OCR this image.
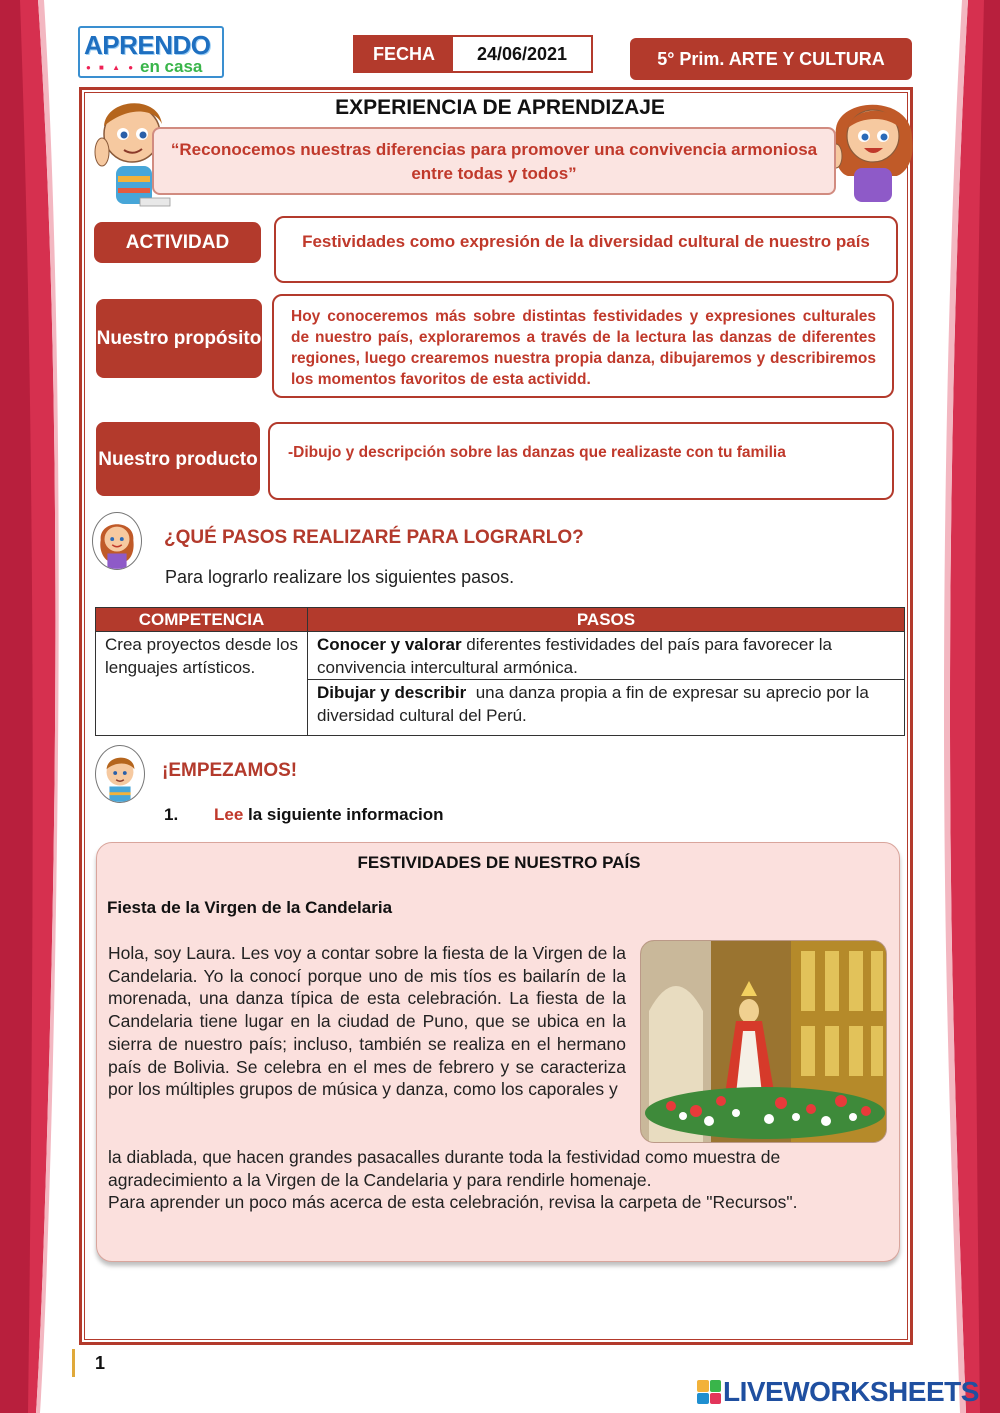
APRENDO
● ■ ▲ ● en casa
FECHA	24/06/2021	5° Prim. ARTE Y CULTURA
EXPERIENCIA DE APRENDIZAJE
“Reconocemos nuestras diferencias para promover una convivencia armoniosa entre todas y todos”
ACTIVIDAD	Festividades como expresión de la diversidad cultural de nuestro país
Nuestro propósito
Hoy conoceremos más sobre distintas festividades y expresiones culturales de nuestro país, exploraremos a través de la lectura las danzas de diferentes regiones, luego crearemos nuestra propia danza, dibujaremos y describiremos los momentos favoritos de esta actividd.
Nuestro producto	-Dibujo y descripción sobre las danzas que realizaste con tu familia
¿QUÉ PASOS REALIZARÉ PARA LOGRARLO?
Para lograrlo realizare los siguientes pasos.
COMPETENCIA	PASOS
Crea proyectos desde los lenguajes artísticos.	Conocer y valorar diferentes festividades del país para favorecer la convivencia intercultural armónica.
	Dibujar y describir  una danza propia a fin de expresar su aprecio por la diversidad cultural del Perú.
¡EMPEZAMOS!
1. Lee la siguiente informacion
FESTIVIDADES DE NUESTRO PAÍS
Fiesta de la Virgen de la Candelaria
Hola, soy Laura. Les voy a contar sobre la fiesta de la Virgen de la Candelaria. Yo la conocí porque uno de mis tíos es bailarín de la morenada, una danza típica de esta celebración. La fiesta de la Candelaria tiene lugar en la ciudad de Puno, que se ubica en la sierra de nuestro país; incluso, también se realiza en el hermano país de Bolivia. Se celebra en el mes de febrero y se caracteriza por los múltiples grupos de música y danza, como los caporales y
la diablada, que hacen grandes pasacalles durante toda la festividad como muestra de agradecimiento a la Virgen de la Candelaria y para rendirle homenaje.
Para aprender un poco más acerca de esta celebración, revisa la carpeta de "Recursos".
1
LIVEWORKSHEETS
